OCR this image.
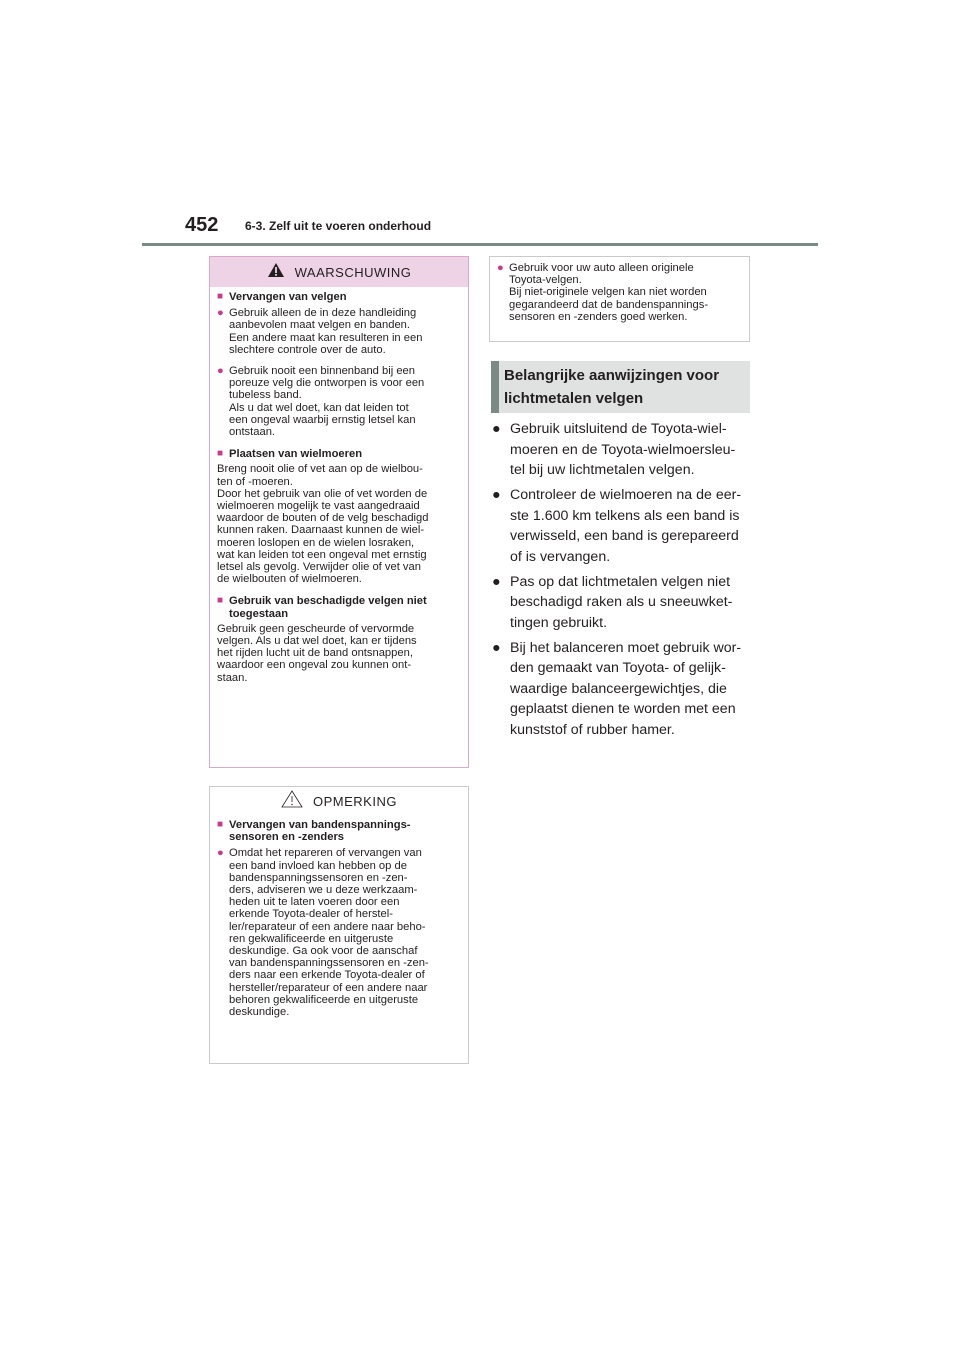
452 6-3. Zelf uit te voeren onderhoud
WAARSCHUWING
■ Vervangen van velgen
● Gebruik alleen de in deze handleiding
aanbevolen maat velgen en banden.
Een andere maat kan resulteren in een
slechtere controle over de auto.
● Gebruik nooit een binnenband bij een
poreuze velg die ontworpen is voor een
tubeless band.
Als u dat wel doet, kan dat leiden tot
een ongeval waarbij ernstig letsel kan
ontstaan.
■ Plaatsen van wielmoeren
Breng nooit olie of vet aan op de wielbou-
ten of -moeren.
Door het gebruik van olie of vet worden de
wielmoeren mogelijk te vast aangedraaid
waardoor de bouten of de velg beschadigd
kunnen raken. Daarnaast kunnen de wiel-
moeren loslopen en de wielen losraken,
wat kan leiden tot een ongeval met ernstig
letsel als gevolg. Verwijder olie of vet van
de wielbouten of wielmoeren.
■ Gebruik van beschadigde velgen niet
toegestaan
Gebruik geen gescheurde of vervormde
velgen. Als u dat wel doet, kan er tijdens
het rijden lucht uit de band ontsnappen,
waardoor een ongeval zou kunnen ont-
staan.
OPMERKING
■ Vervangen van bandenspannings-
sensoren en -zenders
● Omdat het repareren of vervangen van
een band invloed kan hebben op de
bandenspanningssensoren en -zen-
ders, adviseren we u deze werkzaam-
heden uit te laten voeren door een
erkende Toyota-dealer of herstel-
ler/reparateur of een andere naar beho-
ren gekwalificeerde en uitgeruste
deskundige. Ga ook voor de aanschaf
van bandenspanningssensoren en -zen-
ders naar een erkende Toyota-dealer of
hersteller/reparateur of een andere naar
behoren gekwalificeerde en uitgeruste
deskundige.
● Gebruik voor uw auto alleen originele
Toyota-velgen.
Bij niet-originele velgen kan niet worden
gegarandeerd dat de bandenspannings-
sensoren en -zenders goed werken.
Belangrijke aanwijzingen voor
lichtmetalen velgen
● Gebruik uitsluitend de Toyota-wiel-
moeren en de Toyota-wielmoersleu-
tel bij uw lichtmetalen velgen.
● Controleer de wielmoeren na de eer-
ste 1.600 km telkens als een band is
verwisseld, een band is gerepareerd
of is vervangen.
● Pas op dat lichtmetalen velgen niet
beschadigd raken als u sneeuwket-
tingen gebruikt.
● Bij het balanceren moet gebruik wor-
den gemaakt van Toyota- of gelijk-
waardige balanceergewichtjes, die
geplaatst dienen te worden met een
kunststof of rubber hamer.
